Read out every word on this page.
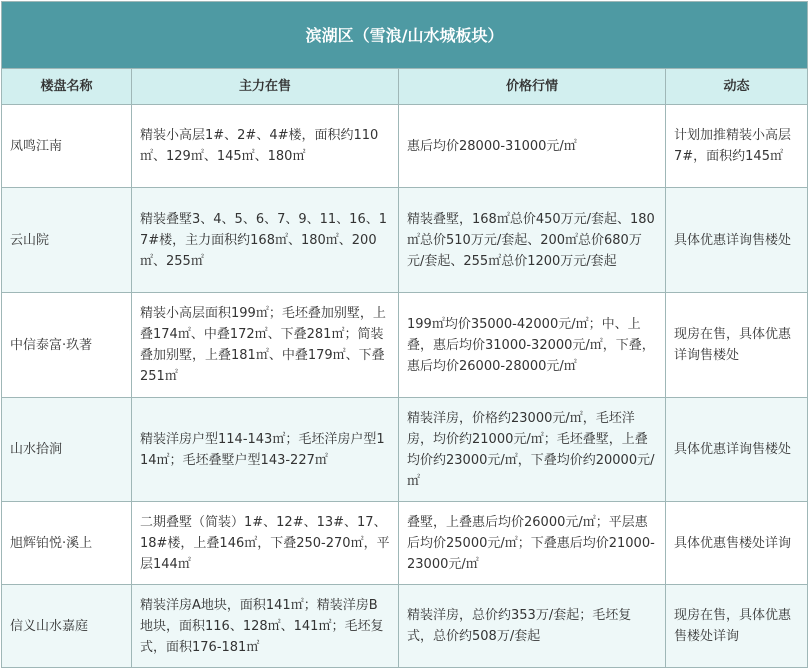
滨湖区（雪浪/山水城板块）			
楼盘名称	主力在售	价格行情	动态
凤鸣江南	精装小高层1#、2#、4#楼，面积约110㎡、129㎡、145㎡、180㎡	惠后均价28000-31000元/㎡	计划加推精装小高层7#，面积约145㎡
云山院	精装叠墅3、4、5、6、7、9、11、16、17#楼，主力面积约168㎡、180㎡、200㎡、255㎡	精装叠墅，168㎡总价450万元/套起、180㎡总价510万元/套起、200㎡总价680万元/套起、255㎡总价1200万元/套起	具体优惠详询售楼处
中信泰富·玖著	精装小高层面积199㎡；毛坯叠加别墅，上叠174㎡、中叠172㎡、下叠281㎡；简装叠加别墅，上叠181㎡、中叠179㎡、下叠251㎡	199㎡均价35000-42000元/㎡；中、上叠，惠后均价31000-32000元/㎡，下叠，惠后均价26000-28000元/㎡	现房在售，具体优惠详询售楼处
山水拾涧	精装洋房户型114-143㎡；毛坯洋房户型114㎡；毛坯叠墅户型143-227㎡	精装洋房，价格约23000元/㎡，毛坯洋房，均价约21000元/㎡；毛坯叠墅，上叠均价约23000元/㎡，下叠均价约20000元/㎡	具体优惠详询售楼处
旭辉铂悦·溪上	二期叠墅（简装）1#、12#、13#、17、18#楼，上叠146㎡，下叠250-270㎡，平层144㎡	叠墅，上叠惠后均价26000元/㎡；平层惠后均价25000元/㎡；下叠惠后均价21000-23000元/㎡	具体优惠售楼处详询
信义山水嘉庭	精装洋房A地块，面积141㎡；精装洋房B地块，面积116、128㎡、141㎡；毛坯复式，面积176-181㎡	精装洋房，总价约353万/套起；毛坯复式，总价约508万/套起	现房在售，具体优惠售楼处详询
